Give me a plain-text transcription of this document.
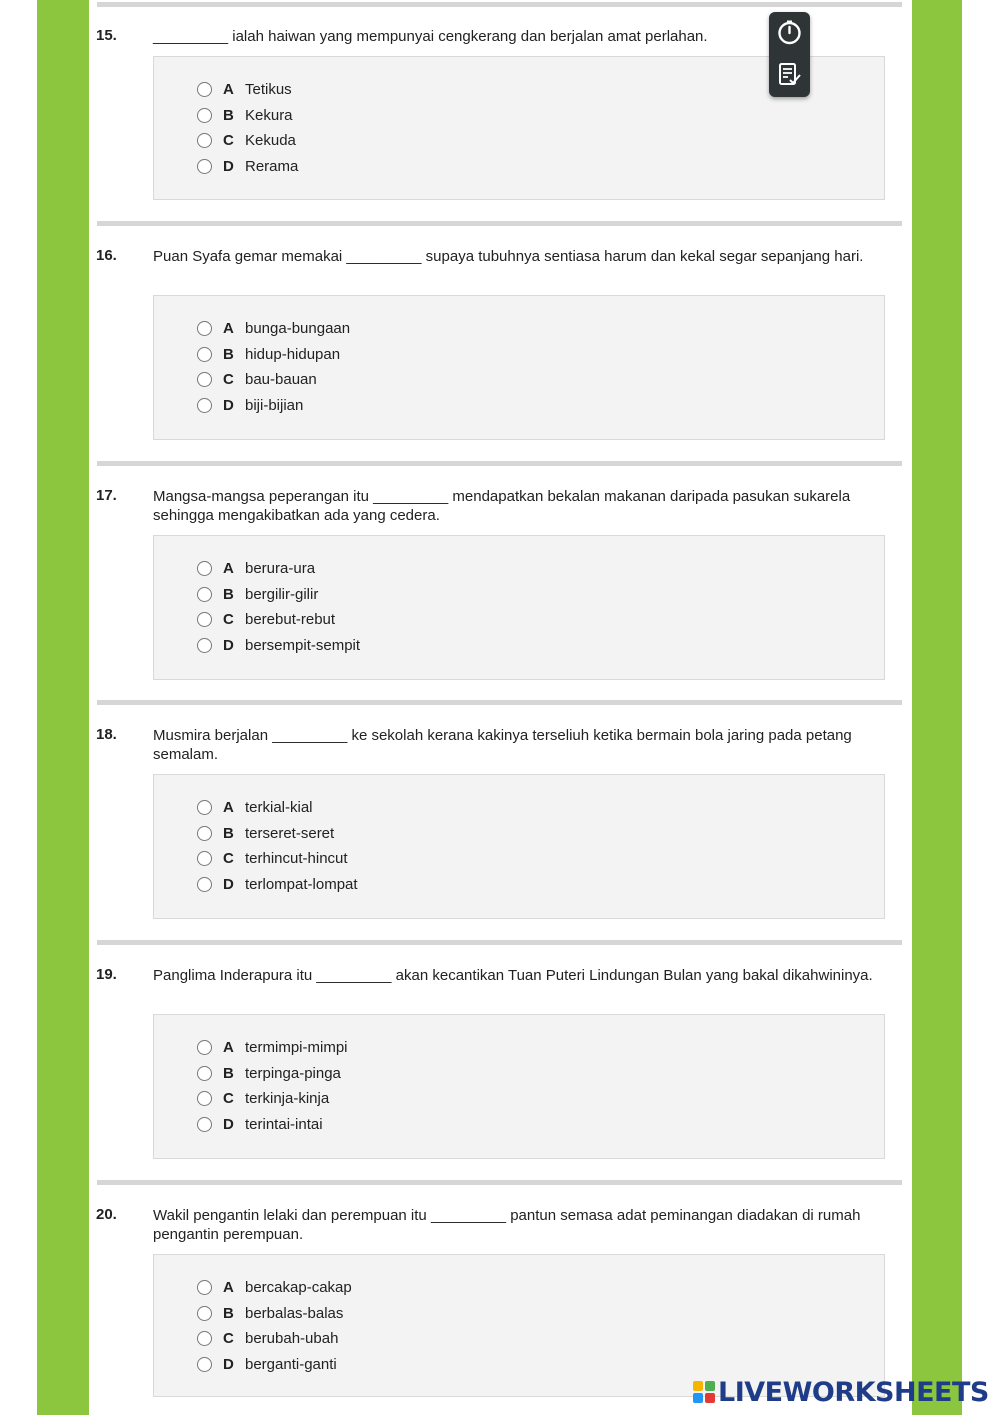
15.	_________ ialah haiwan yang mempunyai cengkerang dan berjalan amat perlahan.
A Tetikus
B Kekura
C Kekuda
D Rerama
16.	Puan Syafa gemar memakai _________ supaya tubuhnya sentiasa harum dan kekal segar sepanjang hari.
A bunga-bungaan
B hidup-hidupan
C bau-bauan
D biji-bijian
17.	Mangsa-mangsa peperangan itu _________ mendapatkan bekalan makanan daripada pasukan sukarela sehingga mengakibatkan ada yang cedera.
A berura-ura
B bergilir-gilir
C berebut-rebut
D bersempit-sempit
18.	Musmira berjalan _________ ke sekolah kerana kakinya terseliuh ketika bermain bola jaring pada petang semalam.
A terkial-kial
B terseret-seret
C terhincut-hincut
D terlompat-lompat
19.	Panglima Inderapura itu _________ akan kecantikan Tuan Puteri Lindungan Bulan yang bakal dikahwininya.
A termimpi-mimpi
B terpinga-pinga
C terkinja-kinja
D terintai-intai
20.	Wakil pengantin lelaki dan perempuan itu _________ pantun semasa adat peminangan diadakan di rumah pengantin perempuan.
A bercakap-cakap
B berbalas-balas
C berubah-ubah
D berganti-ganti
LIVEWORKSHEETS
